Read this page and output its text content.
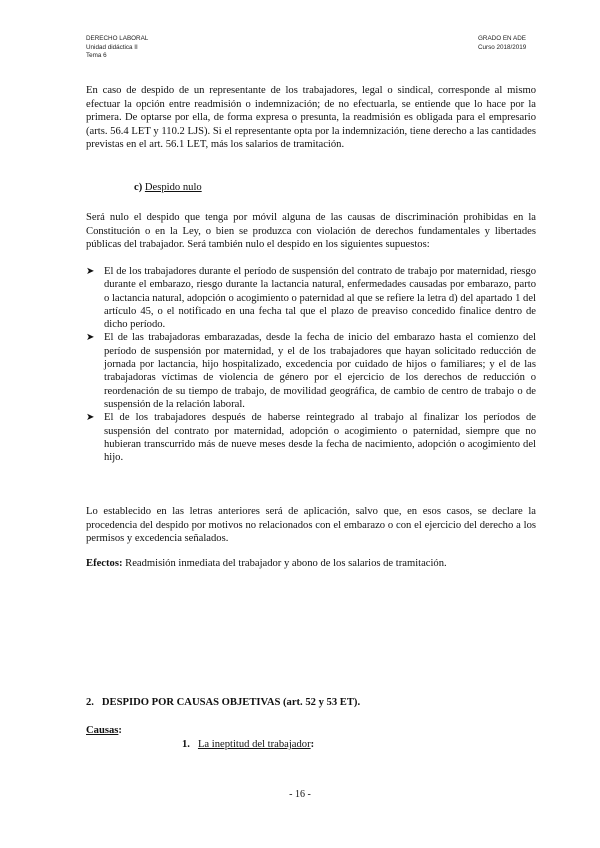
DERECHO LABORAL
Unidad didáctica II
Tema 6
GRADO EN ADE
Curso 2018/2019
En caso de despido de un representante de los trabajadores, legal o sindical, corresponde al mismo efectuar la opción entre readmisión o indemnización; de no efectuarla, se entiende que lo hace por la primera. De optarse por ella, de forma expresa o presunta, la readmisión es obligada para el empresario (arts. 56.4 LET y 110.2 LJS). Si el representante opta por la indemnización, tiene derecho a las cantidades previstas en el art. 56.1 LET, más los salarios de tramitación.
c) Despido nulo
Será nulo el despido que tenga por móvil alguna de las causas de discriminación prohibidas en la Constitución o en la Ley, o bien se produzca con violación de derechos fundamentales y libertades públicas del trabajador. Será también nulo el despido en los siguientes supuestos:
➤ El de los trabajadores durante el período de suspensión del contrato de trabajo por maternidad, riesgo durante el embarazo, riesgo durante la lactancia natural, enfermedades causadas por embarazo, parto o lactancia natural, adopción o acogimiento o paternidad al que se refiere la letra d) del apartado 1 del artículo 45, o el notificado en una fecha tal que el plazo de preaviso concedido finalice dentro de dicho período.
➤ El de las trabajadoras embarazadas, desde la fecha de inicio del embarazo hasta el comienzo del período de suspensión por maternidad, y el de los trabajadores que hayan solicitado reducción de jornada por lactancia, hijo hospitalizado, excedencia por cuidado de hijos o familiares; y el de las trabajadoras víctimas de violencia de género por el ejercicio de los derechos de reducción o reordenación de su tiempo de trabajo, de movilidad geográfica, de cambio de centro de trabajo o de suspensión de la relación laboral.
➤ El de los trabajadores después de haberse reintegrado al trabajo al finalizar los períodos de suspensión del contrato por maternidad, adopción o acogimiento o paternidad, siempre que no hubieran transcurrido más de nueve meses desde la fecha de nacimiento, adopción o acogimiento del hijo.
Lo establecido en las letras anteriores será de aplicación, salvo que, en esos casos, se declare la procedencia del despido por motivos no relacionados con el embarazo o con el ejercicio del derecho a los permisos y excedencia señalados.
Efectos: Readmisión inmediata del trabajador y abono de los salarios de tramitación.
2.   DESPIDO POR CAUSAS OBJETIVAS (art. 52 y 53 ET).
Causas:
1. La ineptitud del trabajador:
- 16 -
